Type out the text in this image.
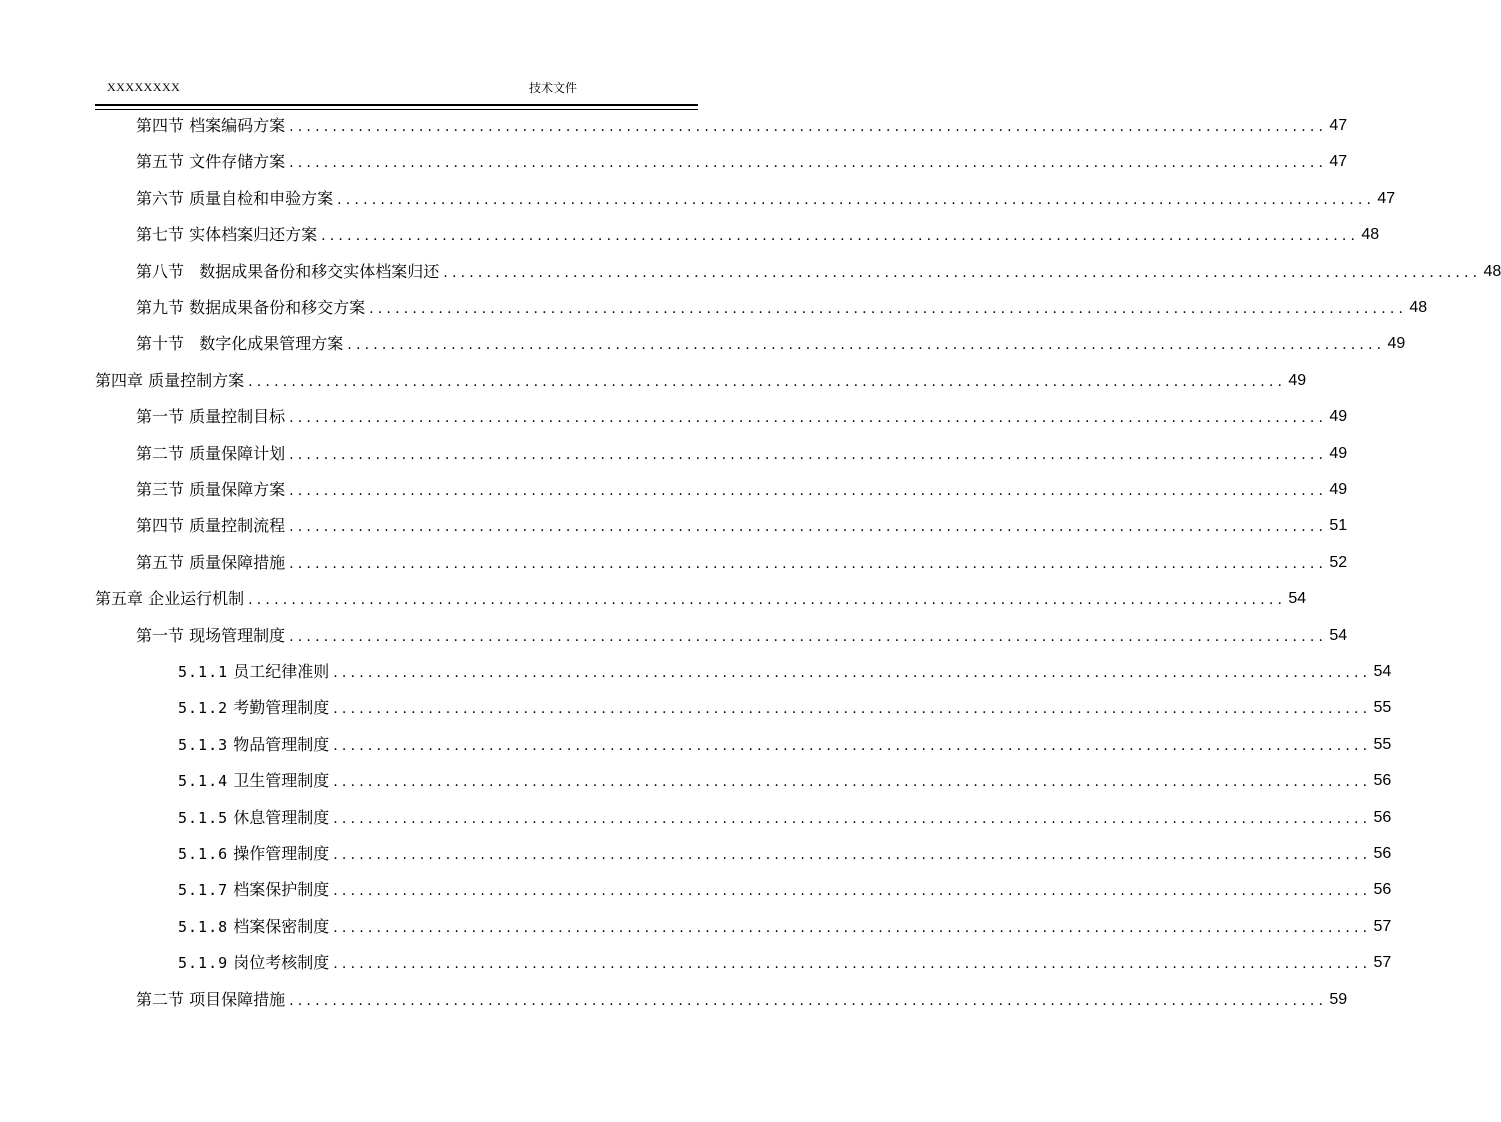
XXXXXXXX	技术文件
第四节 档案编码方案 ........................................................................................................................ 47
第五节 文件存储方案 ........................................................................................................................ 47
第六节 质量自检和申验方案 ........................................................................................................................ 47
第七节 实体档案归还方案 ........................................................................................................................ 48
第八节 数据成果备份和移交实体档案归还 ........................................................................................................................ 48
第九节 数据成果备份和移交方案 ........................................................................................................................ 48
第十节 数字化成果管理方案 ........................................................................................................................ 49
第四章 质量控制方案 ........................................................................................................................ 49
第一节 质量控制目标 ........................................................................................................................ 49
第二节 质量保障计划 ........................................................................................................................ 49
第三节 质量保障方案 ........................................................................................................................ 49
第四节 质量控制流程 ........................................................................................................................ 51
第五节 质量保障措施 ........................................................................................................................ 52
第五章 企业运行机制 ........................................................................................................................ 54
第一节 现场管理制度 ........................................................................................................................ 54
5.1.1 员工纪律准则 ........................................................................................................................ 54
5.1.2 考勤管理制度 ........................................................................................................................ 55
5.1.3 物品管理制度 ........................................................................................................................ 55
5.1.4 卫生管理制度 ........................................................................................................................ 56
5.1.5 休息管理制度 ........................................................................................................................ 56
5.1.6 操作管理制度 ........................................................................................................................ 56
5.1.7 档案保护制度 ........................................................................................................................ 56
5.1.8 档案保密制度 ........................................................................................................................ 57
5.1.9 岗位考核制度 ........................................................................................................................ 57
第二节 项目保障措施 ........................................................................................................................ 59
